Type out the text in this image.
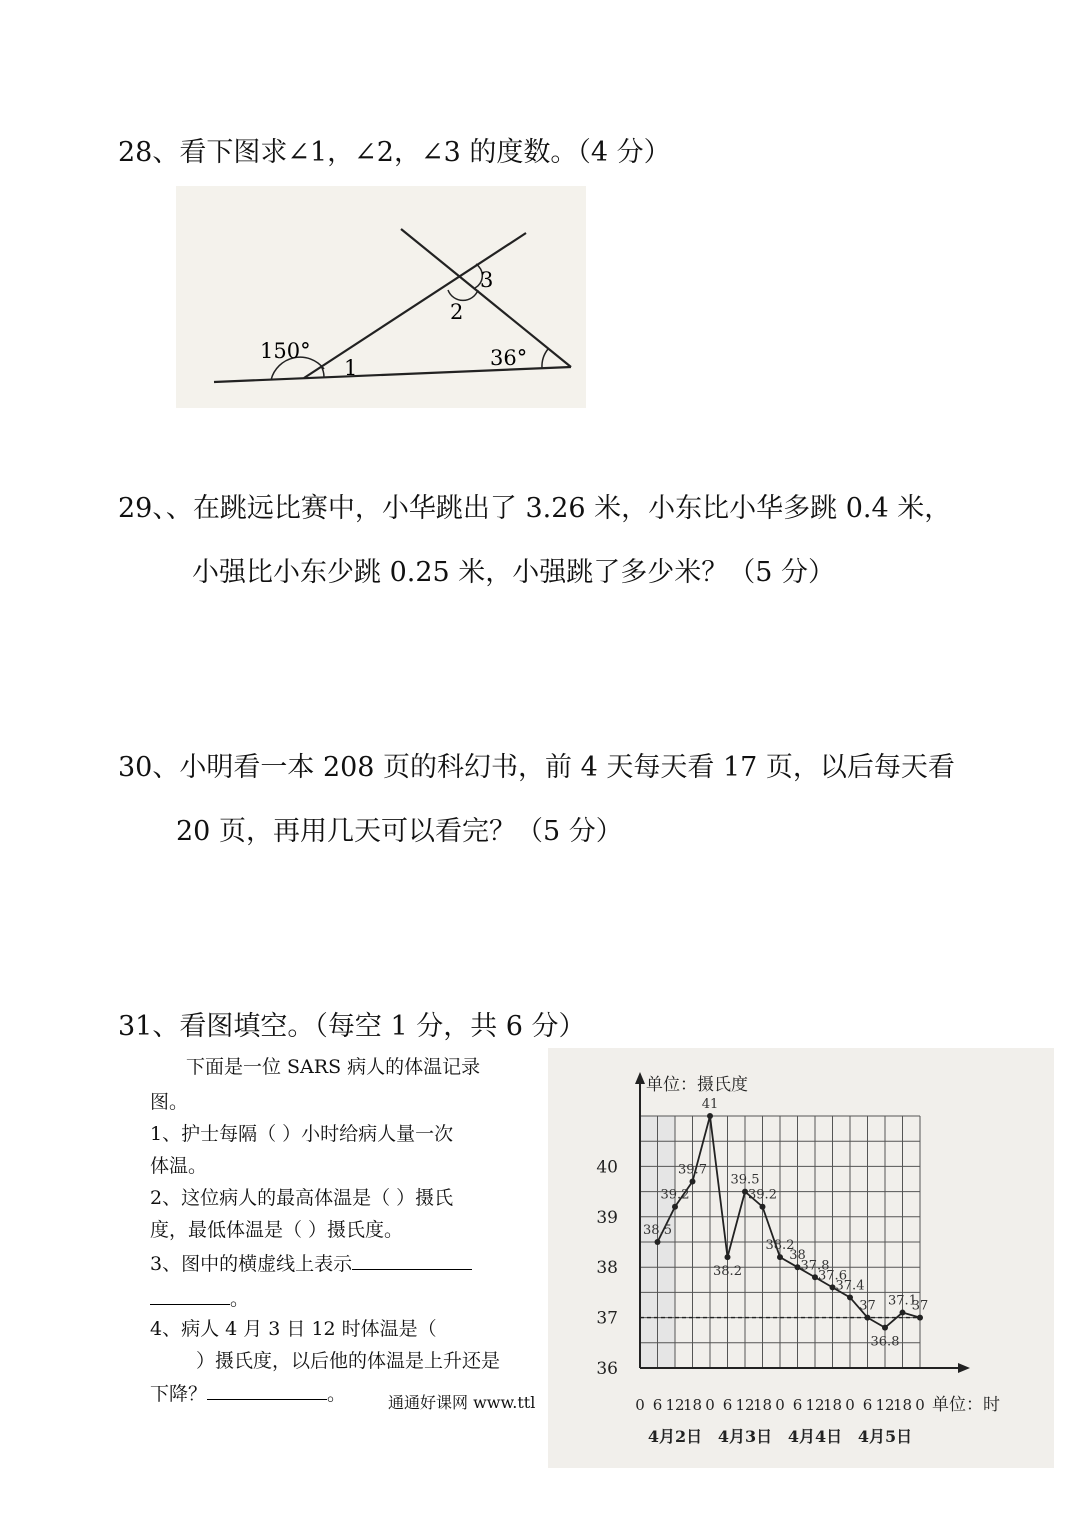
28、看下图求∠1，∠2，∠3 的度数。（4 分）
150°
1
2
3
36°
29、、在跳远比赛中，小华跳出了 3.26 米，小东比小华多跳 0.4 米，
小强比小东少跳 0.25 米，小强跳了多少米？（5 分）
30、小明看一本 208 页的科幻书，前 4 天每天看 17 页，以后每天看
20 页，再用几天可以看完？（5 分）
31、看图填空。（每空 1 分，共 6 分）
下面是一位 SARS 病人的体温记录
图。
1、护士每隔（ ）小时给病人量一次
体温。
2、这位病人的最高体温是（ ）摄氏
度，最低体温是（ ）摄氏度。
3、图中的横虚线上表示
。
4、病人 4 月 3 日 12 时体温是（
）摄氏度，以后他的体温是上升还是
下降？	。	通通好课网 www.ttl
单位：摄氏度
单位：时
40
39
38
37
36
0 6 12
18 0 6 12
18 0 6 12
18 0 6 12
18 0
4月2日 4月3日 4月4日 4月5日
38.5
39.2
39.7
41
38.2
39.5
39.2
38.2
38
37.8
37.6
37.4
37
36.8
37.1
37
